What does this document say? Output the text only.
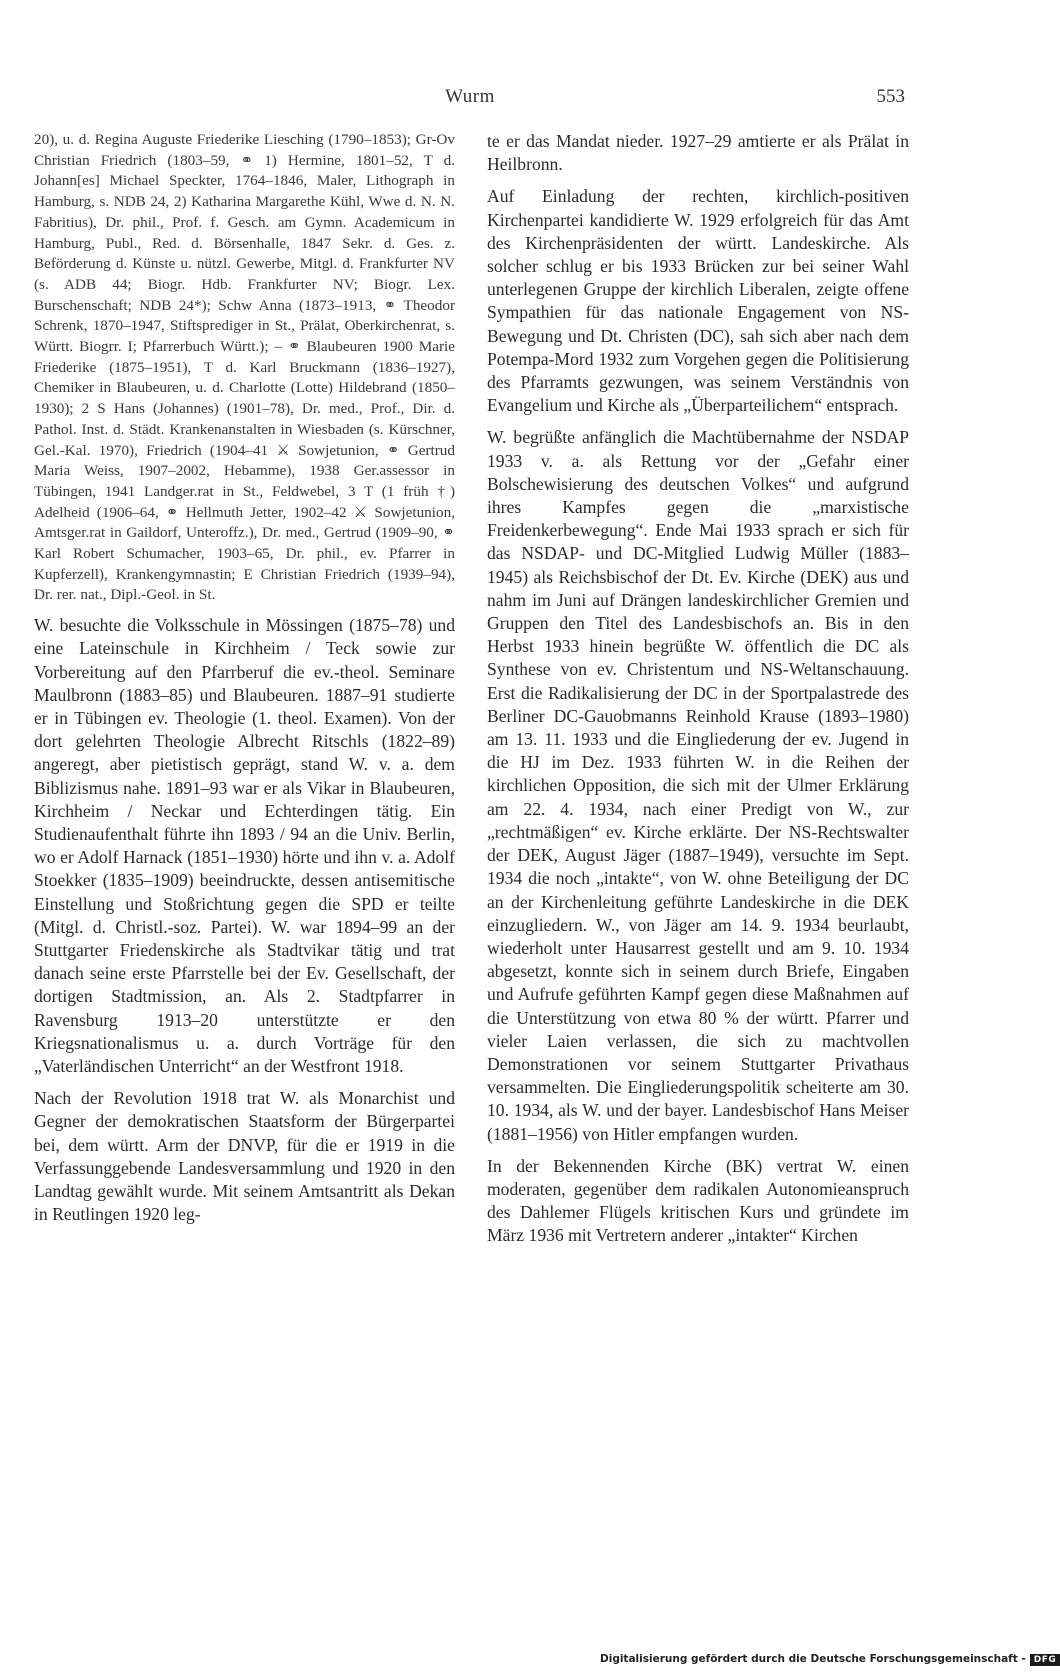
Wurm	553

20), u. d. Regina Auguste Friederike Liesching (1790–1853); Gr-Ov Christian Friedrich (1803–59, ⚭ 1) Hermine, 1801–52, T d. Johann[es] Michael Speckter, 1764–1846, Maler, Lithograph in Hamburg, s. NDB 24, 2) Katharina Margarethe Kühl, Wwe d. N. N. Fabritius), Dr. phil., Prof. f. Gesch. am Gymn. Academicum in Hamburg, Publ., Red. d. Börsenhalle, 1847 Sekr. d. Ges. z. Beförderung d. Künste u. nützl. Gewerbe, Mitgl. d. Frankfurter NV (s. ADB 44; Biogr. Hdb. Frankfurter NV; Biogr. Lex. Burschenschaft; NDB 24*); Schw Anna (1873–1913, ⚭ Theodor Schrenk, 1870–1947, Stiftsprediger in St., Prälat, Oberkirchenrat, s. Württ. Biogrr. I; Pfarrerbuch Württ.); – ⚭ Blaubeuren 1900 Marie Friederike (1875–1951), T d. Karl Bruckmann (1836–1927), Chemiker in Blaubeuren, u. d. Charlotte (Lotte) Hildebrand (1850–1930); 2 S Hans (Johannes) (1901–78), Dr. med., Prof., Dir. d. Pathol. Inst. d. Städt. Krankenanstalten in Wiesbaden (s. Kürschner, Gel.-Kal. 1970), Friedrich (1904–41 ⚔ Sowjetunion, ⚭ Gertrud Maria Weiss, 1907–2002, Hebamme), 1938 Ger.assessor in Tübingen, 1941 Landger.rat in St., Feldwebel, 3 T (1 früh †) Adelheid (1906–64, ⚭ Hellmuth Jetter, 1902–42 ⚔ Sowjetunion, Amtsger.rat in Gaildorf, Unteroffz.), Dr. med., Gertrud (1909–90, ⚭ Karl Robert Schumacher, 1903–65, Dr. phil., ev. Pfarrer in Kupferzell), Krankengymnastin; E Christian Friedrich (1939–94), Dr. rer. nat., Dipl.-Geol. in St.

W. besuchte die Volksschule in Mössingen (1875–78) und eine Lateinschule in Kirchheim / Teck sowie zur Vorbereitung auf den Pfarrberuf die ev.-theol. Seminare Maulbronn (1883–85) und Blaubeuren. 1887–91 studierte er in Tübingen ev. Theologie (1. theol. Examen). Von der dort gelehrten Theologie Albrecht Ritschls (1822–89) angeregt, aber pietistisch geprägt, stand W. v. a. dem Biblizismus nahe. 1891–93 war er als Vikar in Blaubeuren, Kirchheim / Neckar und Echterdingen tätig. Ein Studienaufenthalt führte ihn 1893 / 94 an die Univ. Berlin, wo er Adolf Harnack (1851–1930) hörte und ihn v. a. Adolf Stoekker (1835–1909) beeindruckte, dessen antisemitische Einstellung und Stoßrichtung gegen die SPD er teilte (Mitgl. d. Christl.-soz. Partei). W. war 1894–99 an der Stuttgarter Friedenskirche als Stadtvikar tätig und trat danach seine erste Pfarrstelle bei der Ev. Gesellschaft, der dortigen Stadtmission, an. Als 2. Stadtpfarrer in Ravensburg 1913–20 unterstützte er den Kriegsnationalismus u. a. durch Vorträge für den „Vaterländischen Unterricht“ an der Westfront 1918.

Nach der Revolution 1918 trat W. als Monarchist und Gegner der demokratischen Staatsform der Bürgerpartei bei, dem württ. Arm der DNVP, für die er 1919 in die Verfassunggebende Landesversammlung und 1920 in den Landtag gewählt wurde. Mit seinem Amtsantritt als Dekan in Reutlingen 1920 leg-

te er das Mandat nieder. 1927–29 amtierte er als Prälat in Heilbronn.

Auf Einladung der rechten, kirchlich-positiven Kirchenpartei kandidierte W. 1929 erfolgreich für das Amt des Kirchenpräsidenten der württ. Landeskirche. Als solcher schlug er bis 1933 Brücken zur bei seiner Wahl unterlegenen Gruppe der kirchlich Liberalen, zeigte offene Sympathien für das nationale Engagement von NS-Bewegung und Dt. Christen (DC), sah sich aber nach dem Potempa-Mord 1932 zum Vorgehen gegen die Politisierung des Pfarramts gezwungen, was seinem Verständnis von Evangelium und Kirche als „Überparteilichem“ entsprach.

W. begrüßte anfänglich die Machtübernahme der NSDAP 1933 v. a. als Rettung vor der „Gefahr einer Bolschewisierung des deutschen Volkes“ und aufgrund ihres Kampfes gegen die „marxistische Freidenkerbewegung“. Ende Mai 1933 sprach er sich für das NSDAP- und DC-Mitglied Ludwig Müller (1883–1945) als Reichsbischof der Dt. Ev. Kirche (DEK) aus und nahm im Juni auf Drängen landeskirchlicher Gremien und Gruppen den Titel des Landesbischofs an. Bis in den Herbst 1933 hinein begrüßte W. öffentlich die DC als Synthese von ev. Christentum und NS-Weltanschauung. Erst die Radikalisierung der DC in der Sportpalastrede des Berliner DC-Gauobmanns Reinhold Krause (1893–1980) am 13. 11. 1933 und die Eingliederung der ev. Jugend in die HJ im Dez. 1933 führten W. in die Reihen der kirchlichen Opposition, die sich mit der Ulmer Erklärung am 22. 4. 1934, nach einer Predigt von W., zur „rechtmäßigen“ ev. Kirche erklärte. Der NS-Rechtswalter der DEK, August Jäger (1887–1949), versuchte im Sept. 1934 die noch „intakte“, von W. ohne Beteiligung der DC an der Kirchenleitung geführte Landeskirche in die DEK einzugliedern. W., von Jäger am 14. 9. 1934 beurlaubt, wiederholt unter Hausarrest gestellt und am 9. 10. 1934 abgesetzt, konnte sich in seinem durch Briefe, Eingaben und Aufrufe geführten Kampf gegen diese Maßnahmen auf die Unterstützung von etwa 80 % der württ. Pfarrer und vieler Laien verlassen, die sich zu machtvollen Demonstrationen vor seinem Stuttgarter Privathaus versammelten. Die Eingliederungspolitik scheiterte am 30. 10. 1934, als W. und der bayer. Landesbischof Hans Meiser (1881–1956) von Hitler empfangen wurden.

In der Bekennenden Kirche (BK) vertrat W. einen moderaten, gegenüber dem radikalen Autonomieanspruch des Dahlemer Flügels kritischen Kurs und gründete im März 1936 mit Vertretern anderer „intakter“ Kirchen

Digitalisierung gefördert durch die Deutsche Forschungsgemeinschaft - DFG
